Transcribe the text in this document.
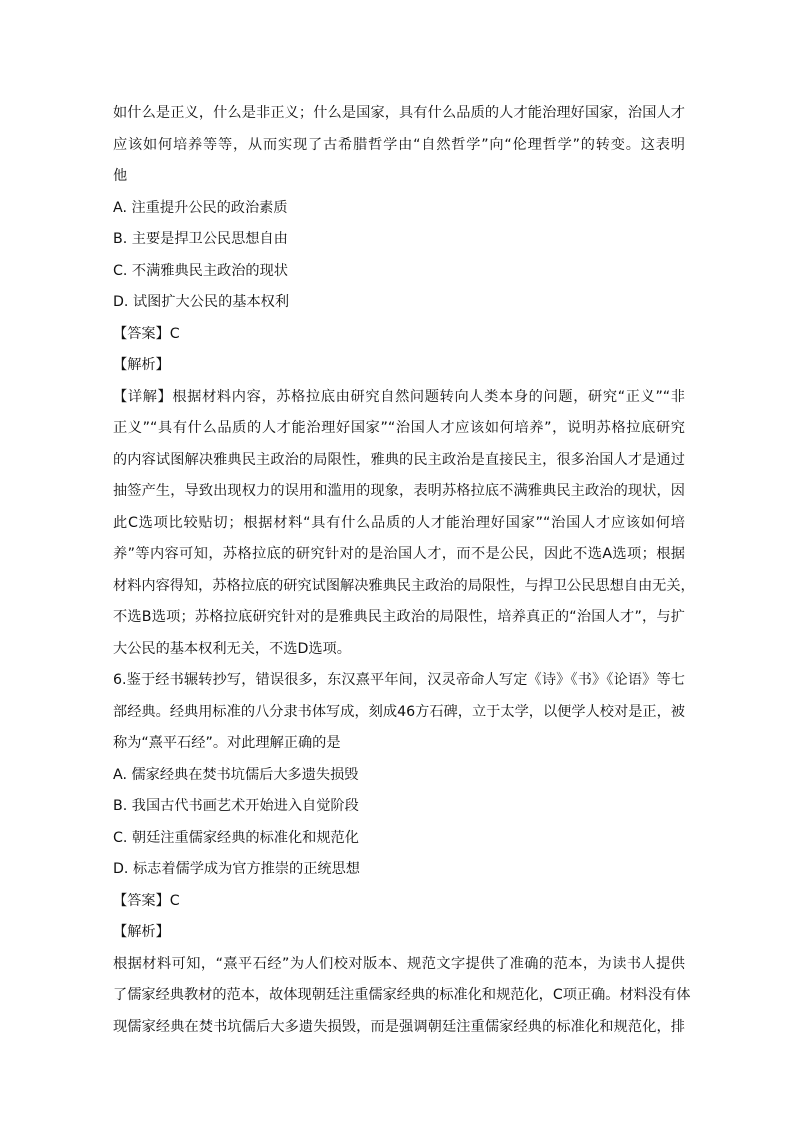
如什么是正义，什么是非正义；什么是国家，具有什么品质的人才能治理好国家，治国人才
应该如何培养等等，从而实现了古希腊哲学由“自然哲学”向“伦理哲学”的转变。这表明
他
A. 注重提升公民的政治素质
B. 主要是捍卫公民思想自由
C. 不满雅典民主政治的现状
D. 试图扩大公民的基本权利
【答案】C
【解析】
【详解】根据材料内容，苏格拉底由研究自然问题转向人类本身的问题，研究“正义”“非
正义”“具有什么品质的人才能治理好国家”“治国人才应该如何培养”，说明苏格拉底研究
的内容试图解决雅典民主政治的局限性，雅典的民主政治是直接民主，很多治国人才是通过
抽签产生，导致出现权力的误用和滥用的现象，表明苏格拉底不满雅典民主政治的现状，因
此C选项比较贴切；根据材料“具有什么品质的人才能治理好国家”“治国人才应该如何培
养”等内容可知，苏格拉底的研究针对的是治国人才，而不是公民，因此不选A选项；根据
材料内容得知，苏格拉底的研究试图解决雅典民主政治的局限性，与捍卫公民思想自由无关，
不选B选项；苏格拉底研究针对的是雅典民主政治的局限性，培养真正的“治国人才”，与扩
大公民的基本权利无关，不选D选项。
6.鉴于经书辗转抄写，错误很多，东汉熹平年间，汉灵帝命人写定《诗》《书》《论语》等七
部经典。经典用标准的八分隶书体写成，刻成46方石碑，立于太学，以便学人校对是正，被
称为“熹平石经”。对此理解正确的是
A. 儒家经典在焚书坑儒后大多遗失损毁
B. 我国古代书画艺术开始进入自觉阶段
C. 朝廷注重儒家经典的标准化和规范化
D. 标志着儒学成为官方推崇的正统思想
【答案】C
【解析】
根据材料可知，“熹平石经”为人们校对版本、规范文字提供了准确的范本，为读书人提供
了儒家经典教材的范本，故体现朝廷注重儒家经典的标准化和规范化，C项正确。材料没有体
现儒家经典在焚书坑儒后大多遗失损毁，而是强调朝廷注重儒家经典的标准化和规范化，排
